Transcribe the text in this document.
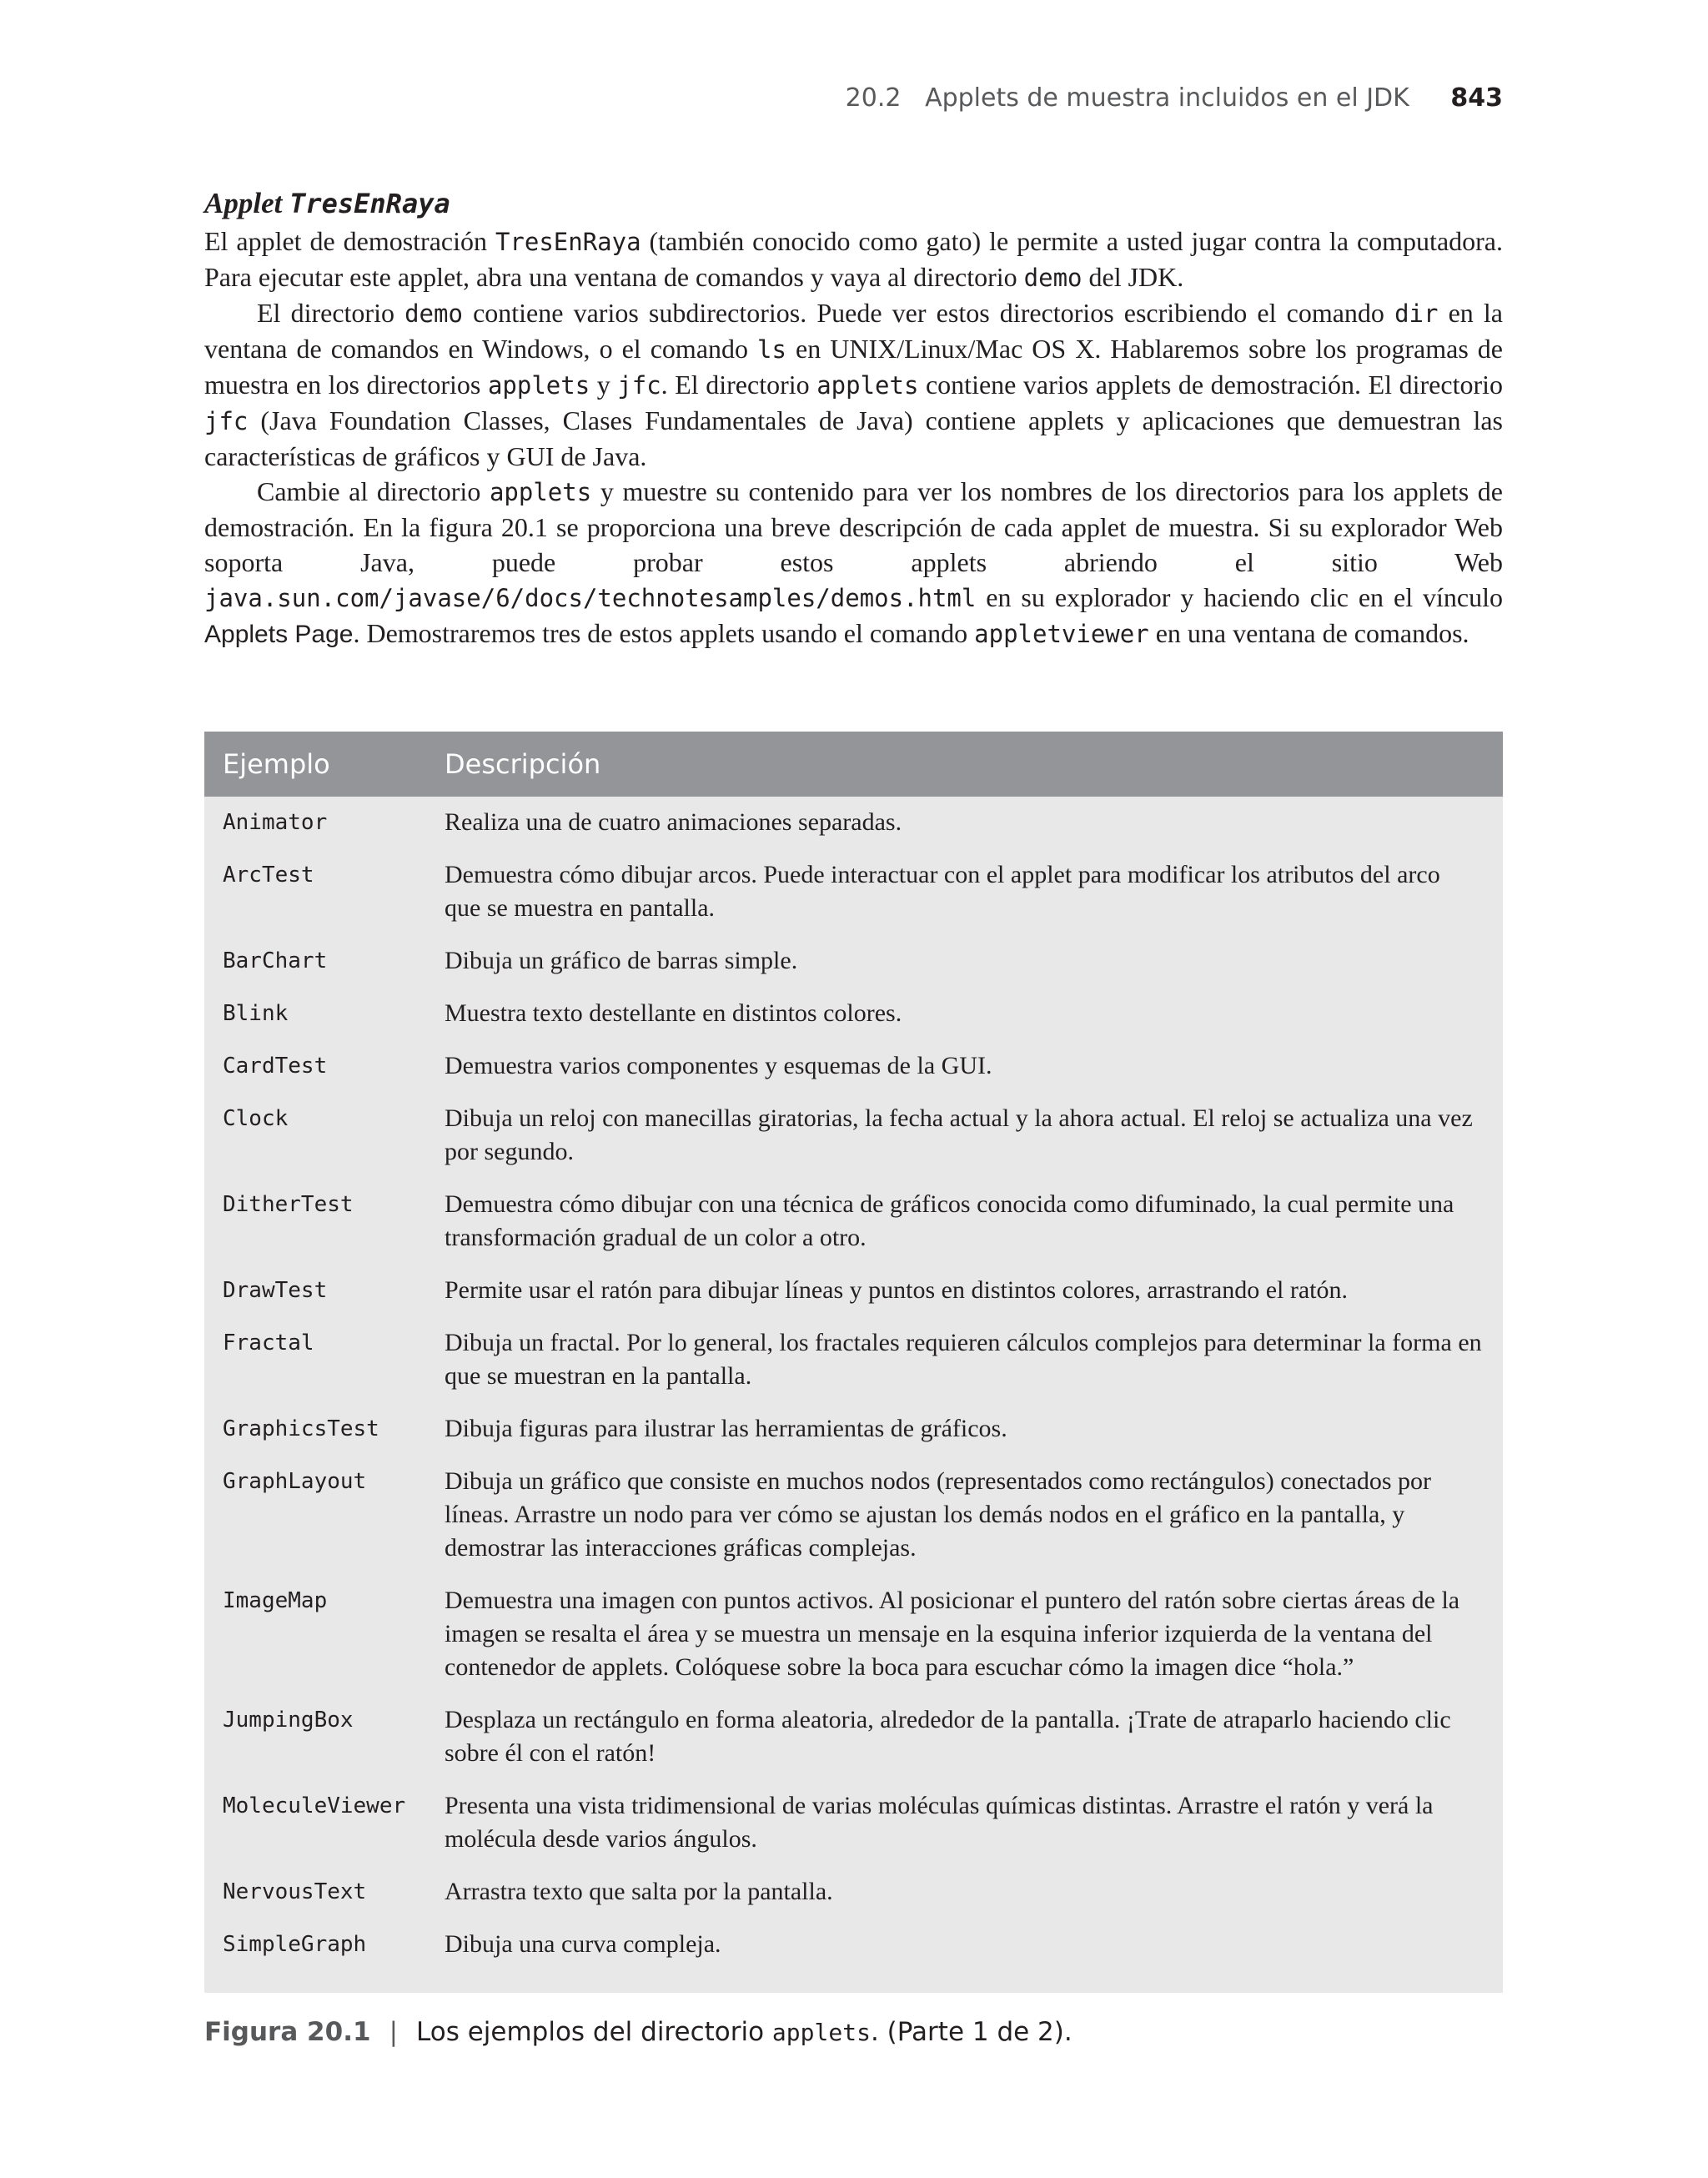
20.2 Applets de muestra incluidos en el JDK 843
Applet TresEnRaya

El applet de demostración TresEnRaya (también conocido como gato) le permite a usted jugar contra la computadora. Para ejecutar este applet, abra una ventana de comandos y vaya al directorio demo del JDK.

El directorio demo contiene varios subdirectorios. Puede ver estos directorios escribiendo el comando dir en la ventana de comandos en Windows, o el comando ls en UNIX/Linux/Mac OS X. Hablaremos sobre los programas de muestra en los directorios applets y jfc. El directorio applets contiene varios applets de demostración. El directorio jfc (Java Foundation Classes, Clases Fundamentales de Java) contiene applets y aplicaciones que demuestran las características de gráficos y GUI de Java.

Cambie al directorio applets y muestre su contenido para ver los nombres de los directorios para los applets de demostración. En la figura 20.1 se proporciona una breve descripción de cada applet de muestra. Si su explorador Web soporta Java, puede probar estos applets abriendo el sitio Web java.sun.com/javase/6/docs/technotesamples/demos.html en su explorador y haciendo clic en el vínculo Applets Page. Demostraremos tres de estos applets usando el comando appletviewer en una ventana de comandos.

Ejemplo	Descripción
Animator	Realiza una de cuatro animaciones separadas.
ArcTest	Demuestra cómo dibujar arcos. Puede interactuar con el applet para modificar los atributos del arco que se muestra en pantalla.
BarChart	Dibuja un gráfico de barras simple.
Blink	Muestra texto destellante en distintos colores.
CardTest	Demuestra varios componentes y esquemas de la GUI.
Clock	Dibuja un reloj con manecillas giratorias, la fecha actual y la ahora actual. El reloj se actualiza una vez por segundo.
DitherTest	Demuestra cómo dibujar con una técnica de gráficos conocida como difuminado, la cual permite una transformación gradual de un color a otro.
DrawTest	Permite usar el ratón para dibujar líneas y puntos en distintos colores, arrastrando el ratón.
Fractal	Dibuja un fractal. Por lo general, los fractales requieren cálculos complejos para determinar la forma en que se muestran en la pantalla.
GraphicsTest	Dibuja figuras para ilustrar las herramientas de gráficos.
GraphLayout	Dibuja un gráfico que consiste en muchos nodos (representados como rectángulos) conectados por líneas. Arrastre un nodo para ver cómo se ajustan los demás nodos en el gráfico en la pantalla, y demostrar las interacciones gráficas complejas.
ImageMap	Demuestra una imagen con puntos activos. Al posicionar el puntero del ratón sobre ciertas áreas de la imagen se resalta el área y se muestra un mensaje en la esquina inferior izquierda de la ventana del contenedor de applets. Colóquese sobre la boca para escuchar cómo la imagen dice “hola.”
JumpingBox	Desplaza un rectángulo en forma aleatoria, alrededor de la pantalla. ¡Trate de atraparlo haciendo clic sobre él con el ratón!
MoleculeViewer	Presenta una vista tridimensional de varias moléculas químicas distintas. Arrastre el ratón y verá la molécula desde varios ángulos.
NervousText	Arrastra texto que salta por la pantalla.
SimpleGraph	Dibuja una curva compleja.
Figura 20.1 | Los ejemplos del directorio applets. (Parte 1 de 2).
